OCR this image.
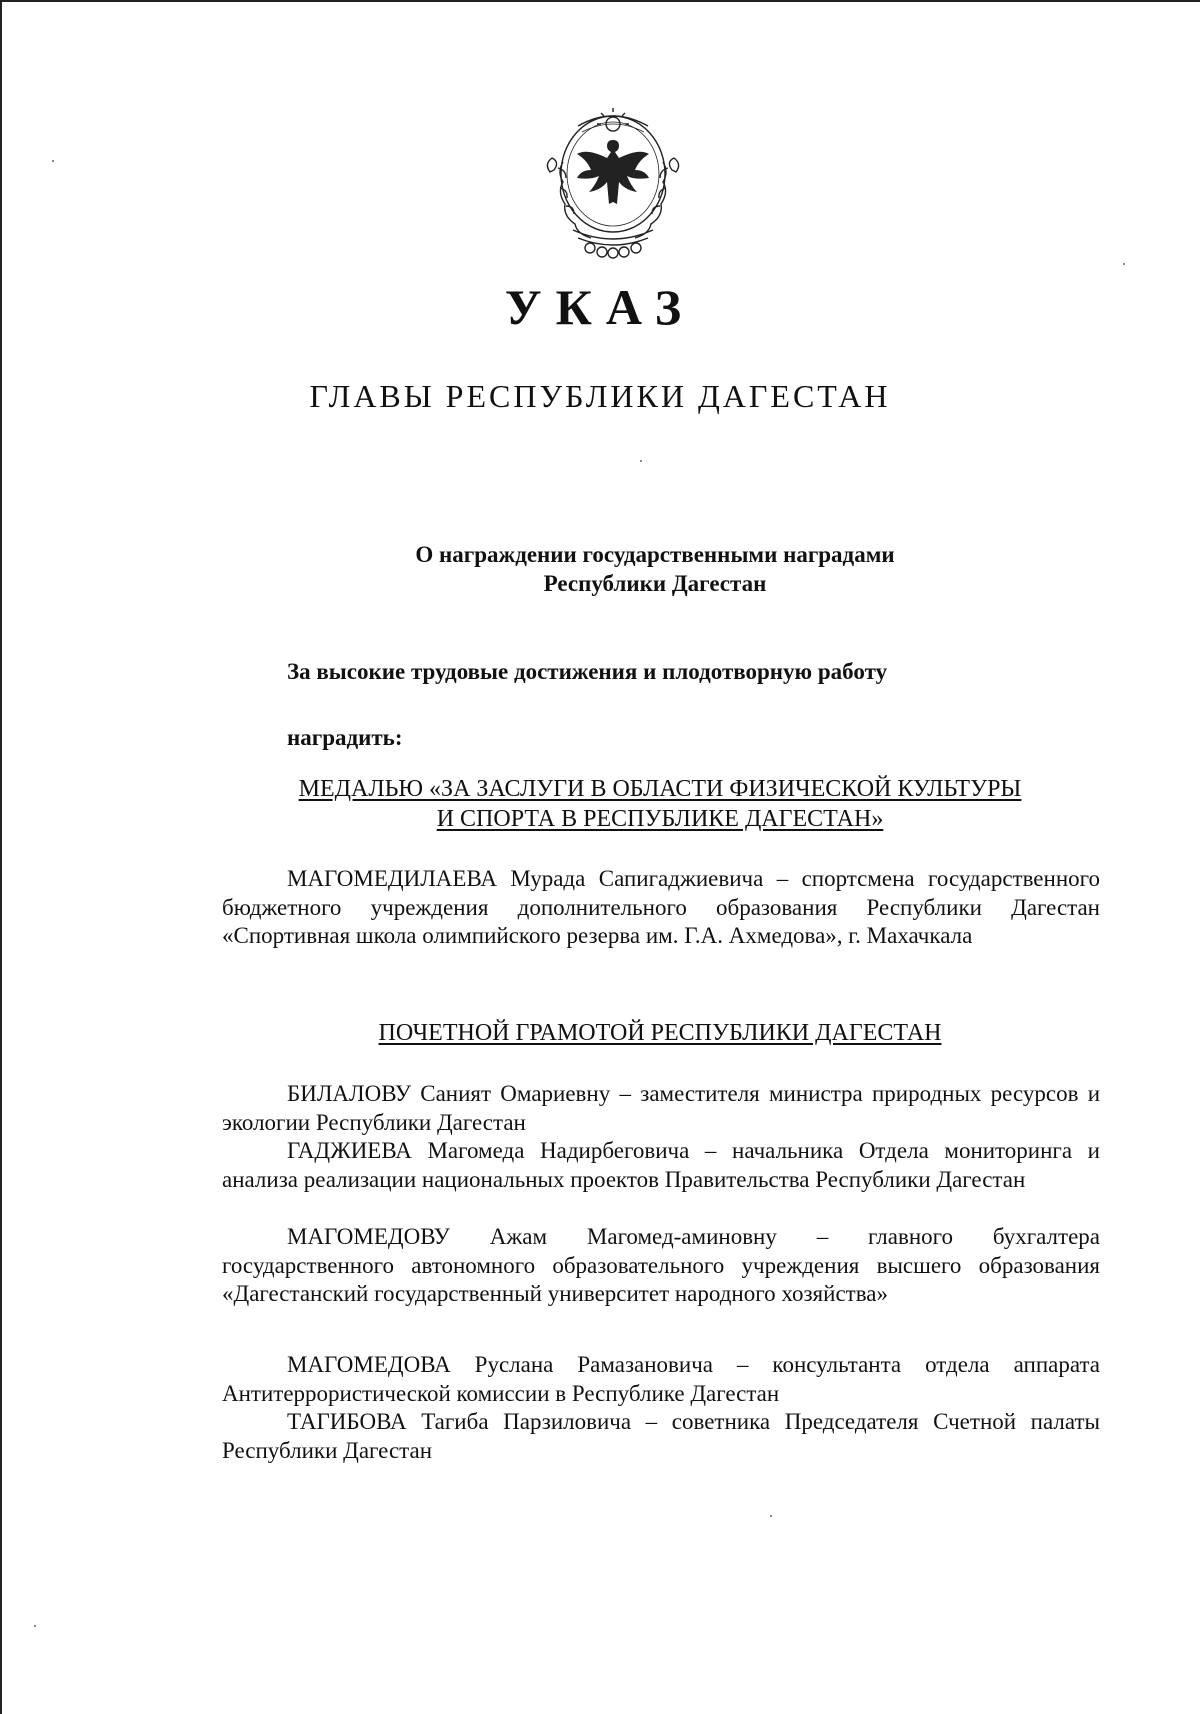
УКАЗ
ГЛАВЫ РЕСПУБЛИКИ ДАГЕСТАН
О награждении государственными наградами
Республики Дагестан
За высокие трудовые достижения и плодотворную работу
наградить:
МЕДАЛЬЮ «ЗА ЗАСЛУГИ В ОБЛАСТИ ФИЗИЧЕСКОЙ КУЛЬТУРЫ
И СПОРТА В РЕСПУБЛИКЕ ДАГЕСТАН»
МАГОМЕДИЛАЕВА Мурада Сапигаджиевича – спортсмена государственного бюджетного учреждения дополнительного образования Республики Дагестан «Спортивная школа олимпийского резерва им. Г.А. Ахмедова», г. Махачкала
ПОЧЕТНОЙ ГРАМОТОЙ РЕСПУБЛИКИ ДАГЕСТАН
БИЛАЛОВУ Саният Омариевну – заместителя министра природных ресурсов и экологии Республики Дагестан
ГАДЖИЕВА Магомеда Надирбеговича – начальника Отдела мониторинга и анализа реализации национальных проектов Правительства Республики Дагестан
МАГОМЕДОВУ Ажам Магомед-аминовну – главного бухгалтера государственного автономного образовательного учреждения высшего образования «Дагестанский государственный университет народного хозяйства»
МАГОМЕДОВА Руслана Рамазановича – консультанта отдела аппарата Антитеррористической комиссии в Республике Дагестан
ТАГИБОВА Тагиба Парзиловича – советника Председателя Счетной палаты Республики Дагестан
